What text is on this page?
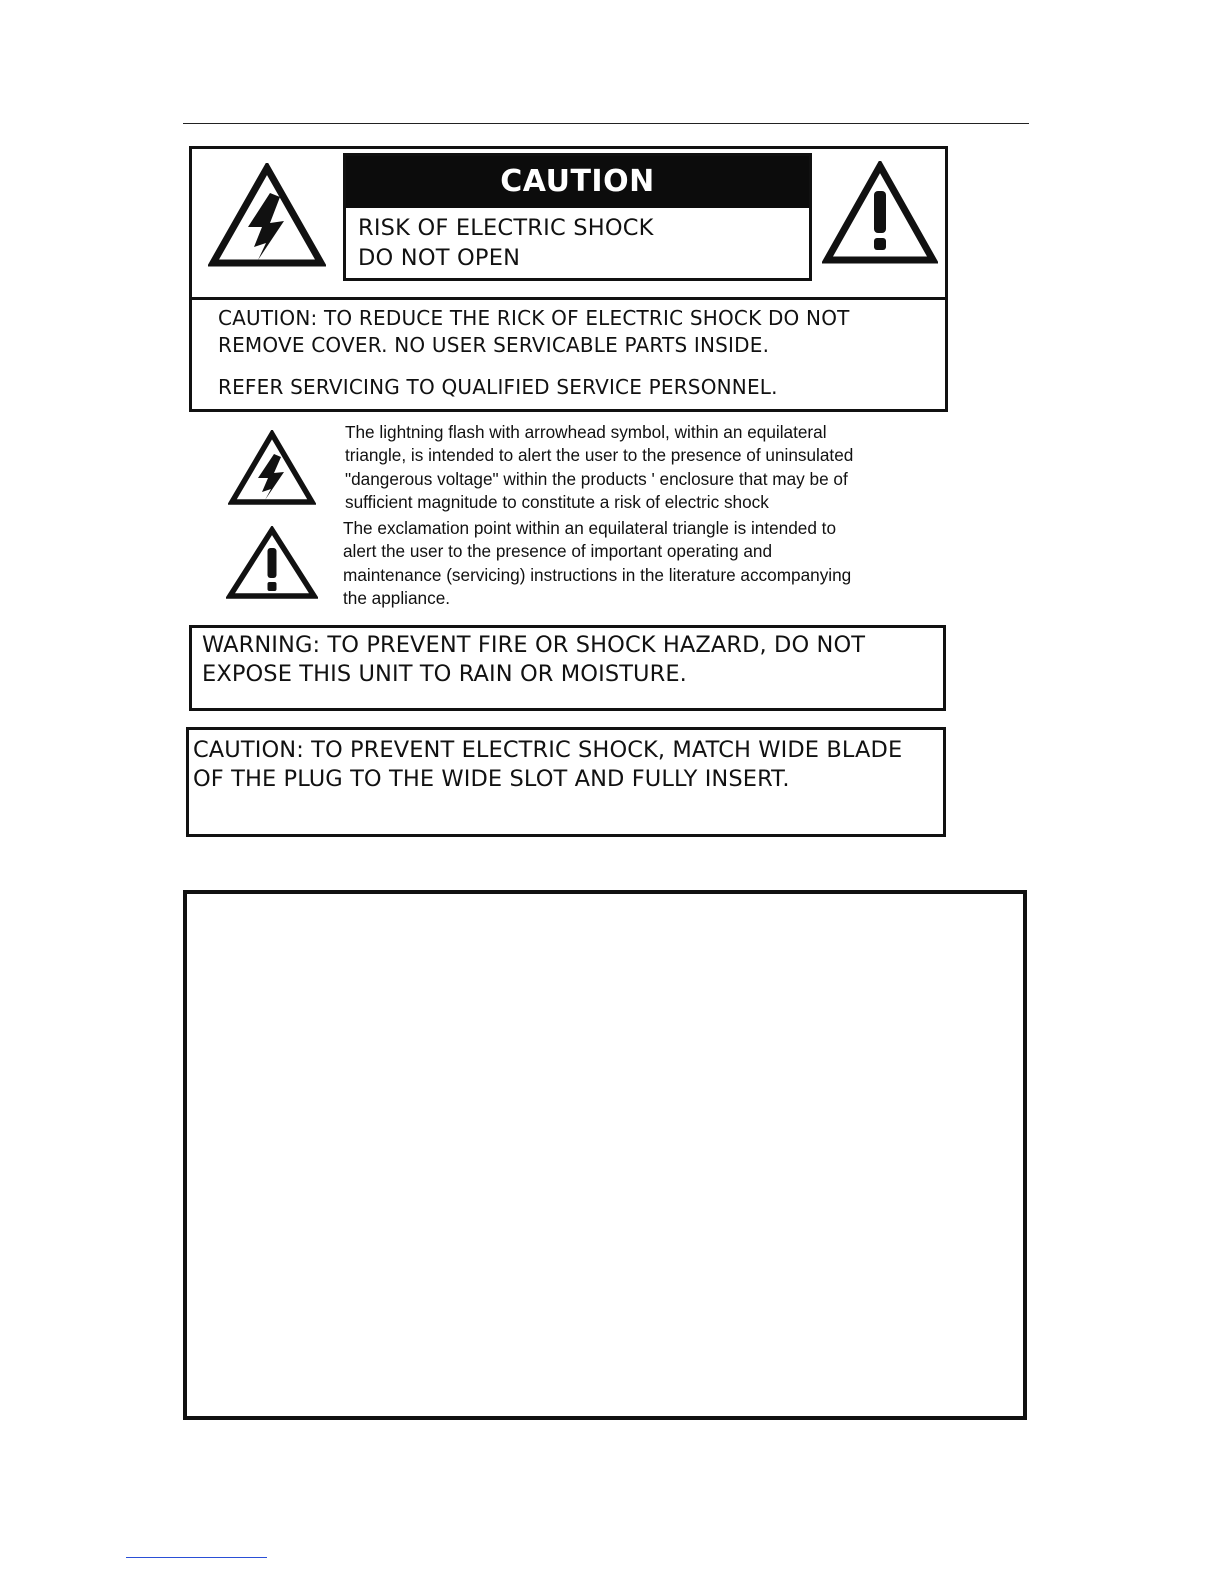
CAUTION
RISK OF ELECTRIC SHOCK
DO NOT OPEN

CAUTION: TO REDUCE THE RICK OF ELECTRIC SHOCK DO NOT

REMOVE COVER. NO USER SERVICABLE PARTS INSIDE.

REFER SERVICING TO QUALIFIED SERVICE PERSONNEL.

The lightning flash with arrowhead symbol, within an equilateral

triangle, is intended to alert the user to the presence of uninsulated

"dangerous voltage" within the products ' enclosure that may be of

sufficient magnitude to constitute a risk of electric shock

The exclamation point within an equilateral triangle is intended to

alert the user to the presence of important operating and

maintenance (servicing) instructions in the literature accompanying

the appliance.

WARNING: TO PREVENT FIRE OR SHOCK HAZARD, DO NOT
EXPOSE THIS UNIT TO RAIN OR MOISTURE.
CAUTION: TO PREVENT ELECTRIC SHOCK, MATCH WIDE BLADE
OF THE PLUG TO THE WIDE SLOT AND FULLY INSERT.
